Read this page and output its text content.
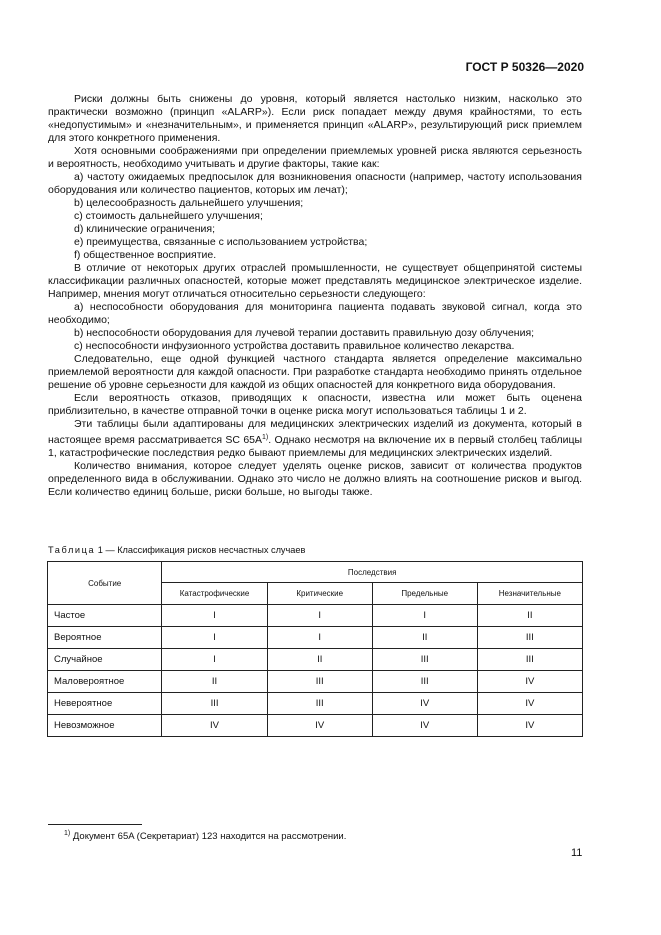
ГОСТ Р 50326—2020

Риски должны быть снижены до уровня, который является настолько низким, насколько это практически возможно (принцип «ALARP»). Если риск попадает между двумя крайностями, то есть «недопустимым» и «незначительным», и применяется принцип «ALARP», результирующий риск приемлем для этого конкретного применения.

Хотя основными соображениями при определении приемлемых уровней риска являются серьезность и вероятность, необходимо учитывать и другие факторы, такие как:

a) частоту ожидаемых предпосылок для возникновения опасности (например, частоту использования оборудования или количество пациентов, которых им лечат);

b) целесообразность дальнейшего улучшения;

c) стоимость дальнейшего улучшения;

d) клинические ограничения;

e) преимущества, связанные с использованием устройства;

f) общественное восприятие.

В отличие от некоторых других отраслей промышленности, не существует общепринятой системы классификации различных опасностей, которые может представлять медицинское электрическое изделие. Например, мнения могут отличаться относительно серьезности следующего:

a) неспособности оборудования для мониторинга пациента подавать звуковой сигнал, когда это необходимо;

b) неспособности оборудования для лучевой терапии доставить правильную дозу облучения;

c) неспособности инфузионного устройства доставить правильное количество лекарства.

Следовательно, еще одной функцией частного стандарта является определение максимально приемлемой вероятности для каждой опасности. При разработке стандарта необходимо принять отдельное решение об уровне серьезности для каждой из общих опасностей для конкретного вида оборудования.

Если вероятность отказов, приводящих к опасности, известна или может быть оценена приблизительно, в качестве отправной точки в оценке риска могут использоваться таблицы 1 и 2.

Эти таблицы были адаптированы для медицинских электрических изделий из документа, который в настоящее время рассматривается SC 65A$^{1)}$. Однако несмотря на включение их в первый столбец таблицы 1, катастрофические последствия редко бывают приемлемы для медицинских электрических изделий.

Количество внимания, которое следует уделять оценке рисков, зависит от количества продуктов определенного вида в обслуживании. Однако это число не должно влиять на соотношение рисков и выгод. Если количество единиц больше, риски больше, но выгоды также.

Таблица 1 — Классификация рисков несчастных случаев
Событие	Последствия			
	Катастрофические	Критические	Предельные	Незначительные
Частое	I	I	I	II
Вероятное	I	I	II	III
Случайное	I	II	III	III
Маловероятное	II	III	III	IV
Невероятное	III	III	IV	IV
Невозможное	IV	IV	IV	IV
$^{1)}$ Документ 65A (Секретариат) 123 находится на рассмотрении.
11
